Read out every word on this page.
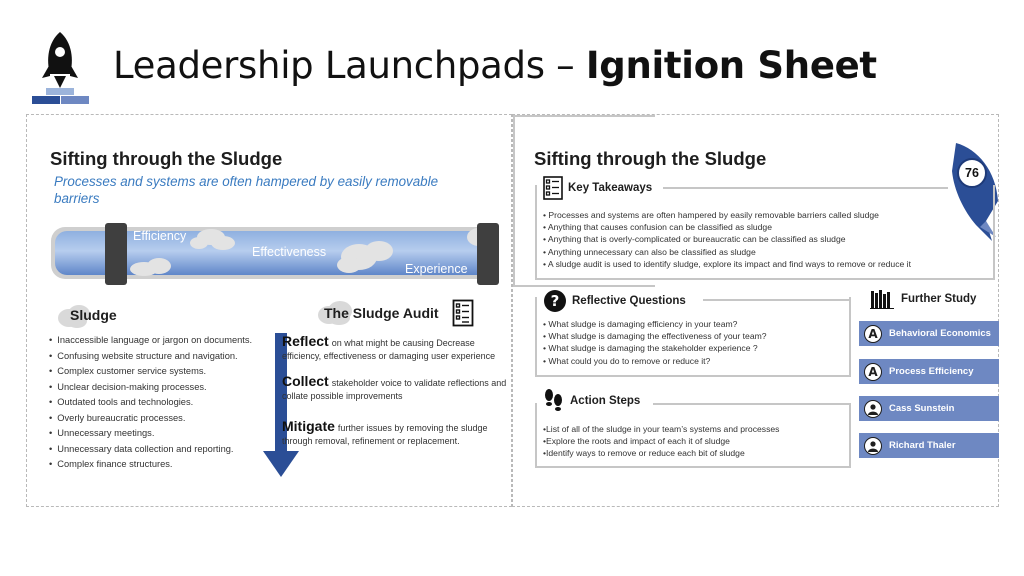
Leadership Launchpads – Ignition Sheet
Sifting through the Sludge
Processes and systems are often hampered by easily removable barriers
Efficiency
Effectiveness
Experience
Sludge
• Inaccessible language or jargon on documents.
• Confusing website structure and navigation.
• Complex customer service systems.
• Unclear decision-making processes.
• Outdated tools and technologies.
• Overly bureaucratic processes.
• Unnecessary meetings.
• Unnecessary data collection and reporting.
• Complex finance structures.
The Sludge Audit
Reflect on what might be causing Decrease efficiency, effectiveness or damaging user experience
Collect stakeholder voice to validate reflections and collate possible improvements
Mitigate further issues by removing the sludge through removal, refinement or replacement.
Sifting through the Sludge
76
Key Takeaways
• Processes and systems are often hampered by easily removable barriers called sludge
• Anything that causes confusion can be classified as sludge
• Anything that is overly-complicated or bureaucratic can be classified as sludge
• Anything unnecessary can also be classified as sludge
• A sludge audit is used to identify sludge, explore its impact and find ways to remove or reduce it
? Reflective Questions
• What sludge is damaging efficiency in your team?
• What sludge is damaging the effectiveness of your team?
• What sludge is damaging the stakeholder experience ?
• What could you do to remove or reduce it?
Action Steps
• List of all of the sludge in your team’s systems and processes
• Explore the roots and impact of each it of sludge
• Identify ways to remove or reduce each bit of sludge
Further Study
A Behavioral Economics
A Process Efficiency
Cass Sunstein
Richard Thaler
